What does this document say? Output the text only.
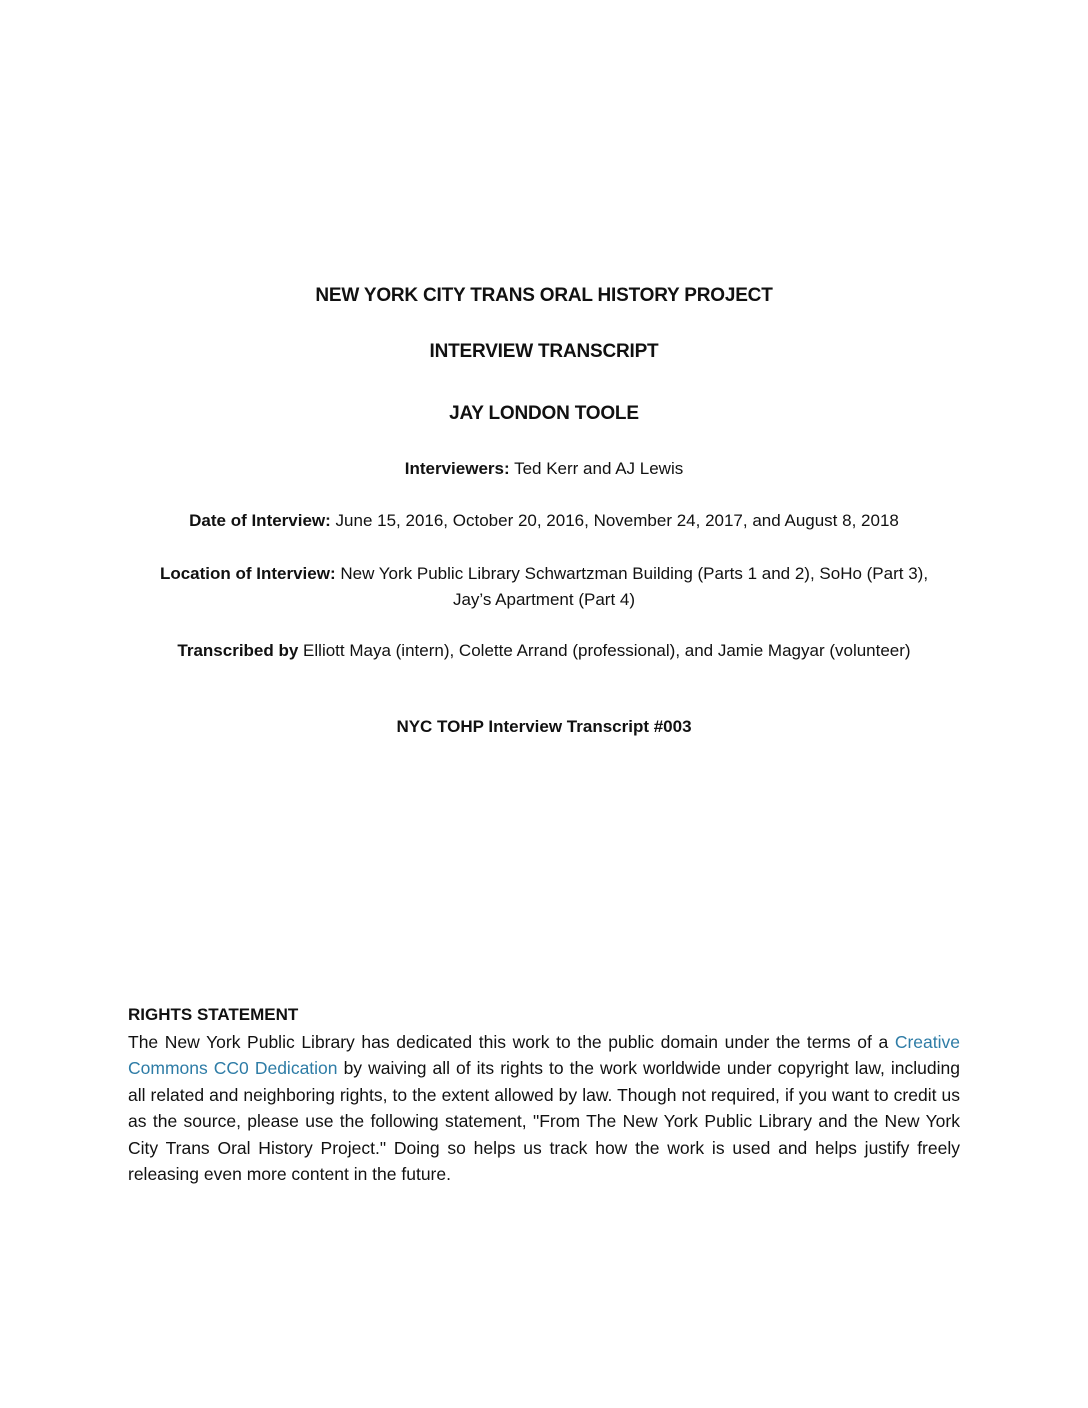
NEW YORK CITY TRANS ORAL HISTORY PROJECT
INTERVIEW TRANSCRIPT
JAY LONDON TOOLE
Interviewers: Ted Kerr and AJ Lewis
Date of Interview: June 15, 2016, October 20, 2016, November 24, 2017, and August 8, 2018
Location of Interview: New York Public Library Schwartzman Building (Parts 1 and 2), SoHo (Part 3), Jay’s Apartment (Part 4)
Transcribed by Elliott Maya (intern), Colette Arrand (professional), and Jamie Magyar (volunteer)
NYC TOHP Interview Transcript #003
RIGHTS STATEMENT
The New York Public Library has dedicated this work to the public domain under the terms of a Creative Commons CC0 Dedication by waiving all of its rights to the work worldwide under copyright law, including all related and neighboring rights, to the extent allowed by law. Though not required, if you want to credit us as the source, please use the following statement, "From The New York Public Library and the New York City Trans Oral History Project." Doing so helps us track how the work is used and helps justify freely releasing even more content in the future.
